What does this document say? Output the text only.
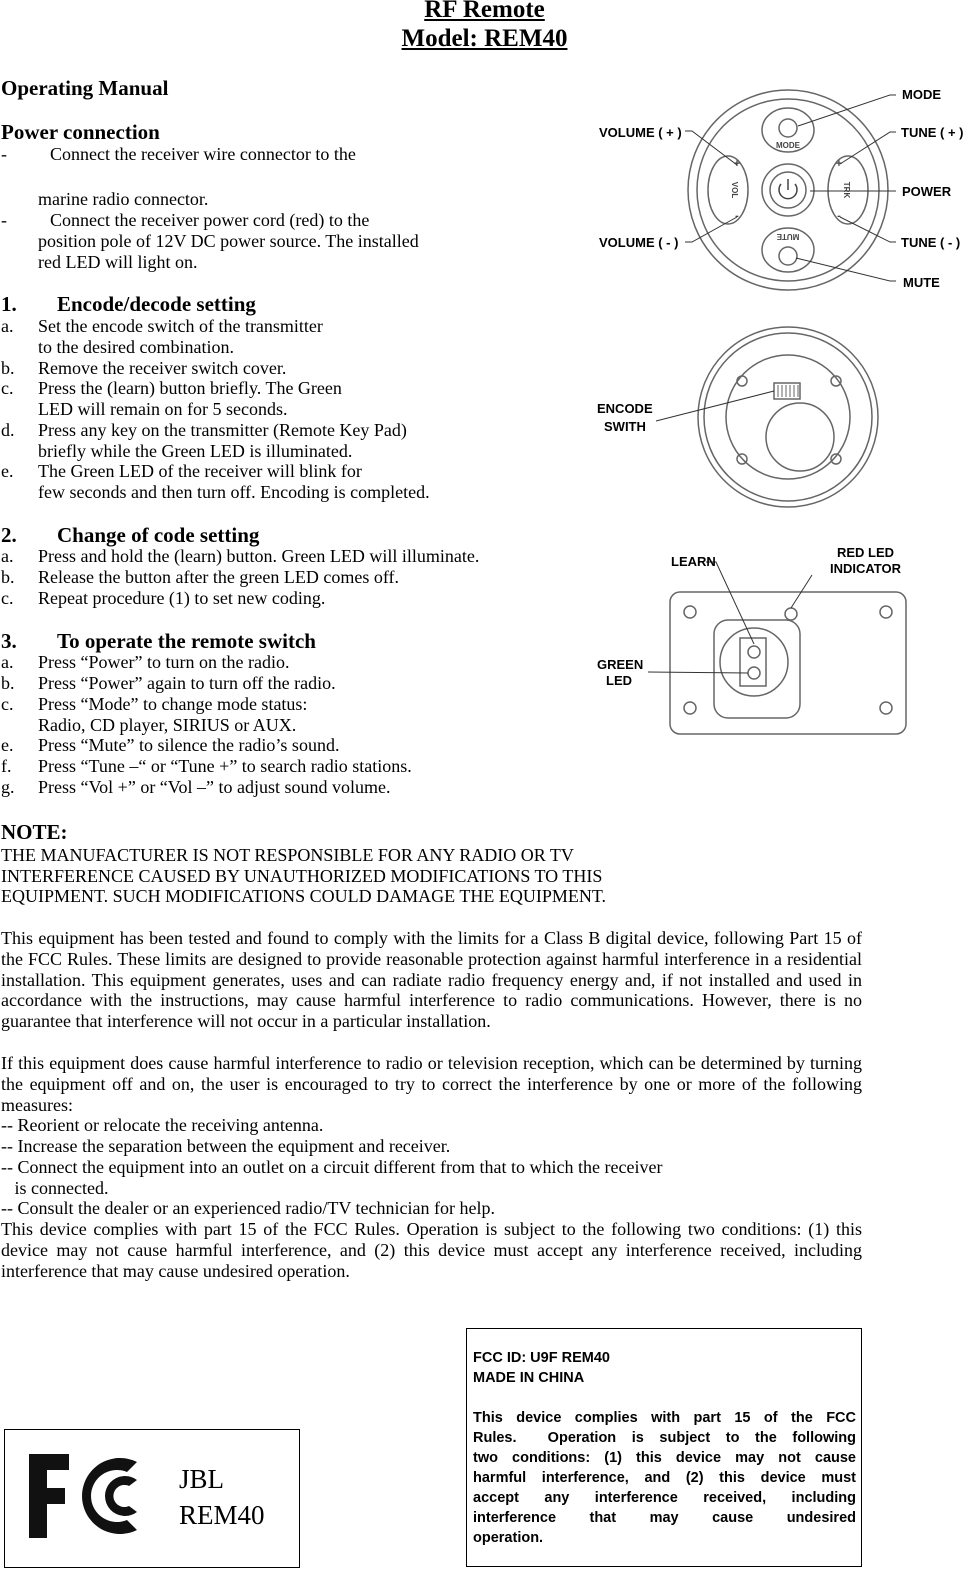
RF Remote
Model: REM40
Operating Manual
Power connection
- Connect the receiver wire connector to the
marine radio connector.
- Connect the receiver power cord (red) to the
position pole of 12V DC power source. The installed
red LED will light on.
1. Encode/decode setting
a. Set the encode switch of the transmitter
to the desired combination.
b. Remove the receiver switch cover.
c. Press the (learn) button briefly. The Green
LED will remain on for 5 seconds.
d. Press any key on the transmitter (Remote Key Pad)
briefly while the Green LED is illuminated.
e. The Green LED of the receiver will blink for
few seconds and then turn off. Encoding is completed.
2. Change of code setting
a. Press and hold the (learn) button. Green LED will illuminate.
b. Release the button after the green LED comes off.
c. Repeat procedure (1) to set new coding.
3. To operate the remote switch
a. Press “Power” to turn on the radio.
b. Press “Power” again to turn off the radio.
c. Press “Mode” to change mode status:
Radio, CD player, SIRIUS or AUX.
e. Press “Mute” to silence the radio’s sound.
f. Press “Tune –“ or “Tune +” to search radio stations.
g. Press “Vol +” or “Vol –” to adjust sound volume.
NOTE:
THE MANUFACTURER IS NOT RESPONSIBLE FOR ANY RADIO OR TV
INTERFERENCE CAUSED BY UNAUTHORIZED MODIFICATIONS TO THIS
EQUIPMENT. SUCH MODIFICATIONS COULD DAMAGE THE EQUIPMENT.
This equipment has been tested and found to comply with the limits for a Class B digital device, following Part 15 of the FCC Rules. These limits are designed to provide reasonable protection against harmful interference in a residential installation. This equipment generates, uses and can radiate radio frequency energy and, if not installed and used in accordance with the instructions, may cause harmful interference to radio communications. However, there is no guarantee that interference will not occur in a particular installation.
If this equipment does cause harmful interference to radio or television reception, which can be determined by turning the equipment off and on, the user is encouraged to try to correct the interference by one or more of the following measures:
-- Reorient or relocate the receiving antenna.
-- Increase the separation between the equipment and receiver.
-- Connect the equipment into an outlet on a circuit different from that to which the receiver
is connected.
-- Consult the dealer or an experienced radio/TV technician for help.
This device complies with part 15 of the FCC Rules. Operation is subject to the following two conditions: (1) this device may not cause harmful interference, and (2) this device must accept any interference received, including interference that may cause undesired operation.
JBL
REM40
FCC ID: U9F REM40
MADE IN CHINA
This device complies with part 15 of the FCC
Rules.  Operation is subject to the following
two conditions: (1) this device may not cause
harmful interference, and (2) this device must
accept any interference received, including
interference that may cause undesired
operation.
MODE
MUTE
VOL	TRK
+
-
+
-
MODE
VOLUME ( + )	TUNE ( + )
POWER
VOLUME ( - )	TUNE ( - )
MUTE
ENCODE
SWITH
LEARN
RED LED
INDICATOR
GREEN
LED
